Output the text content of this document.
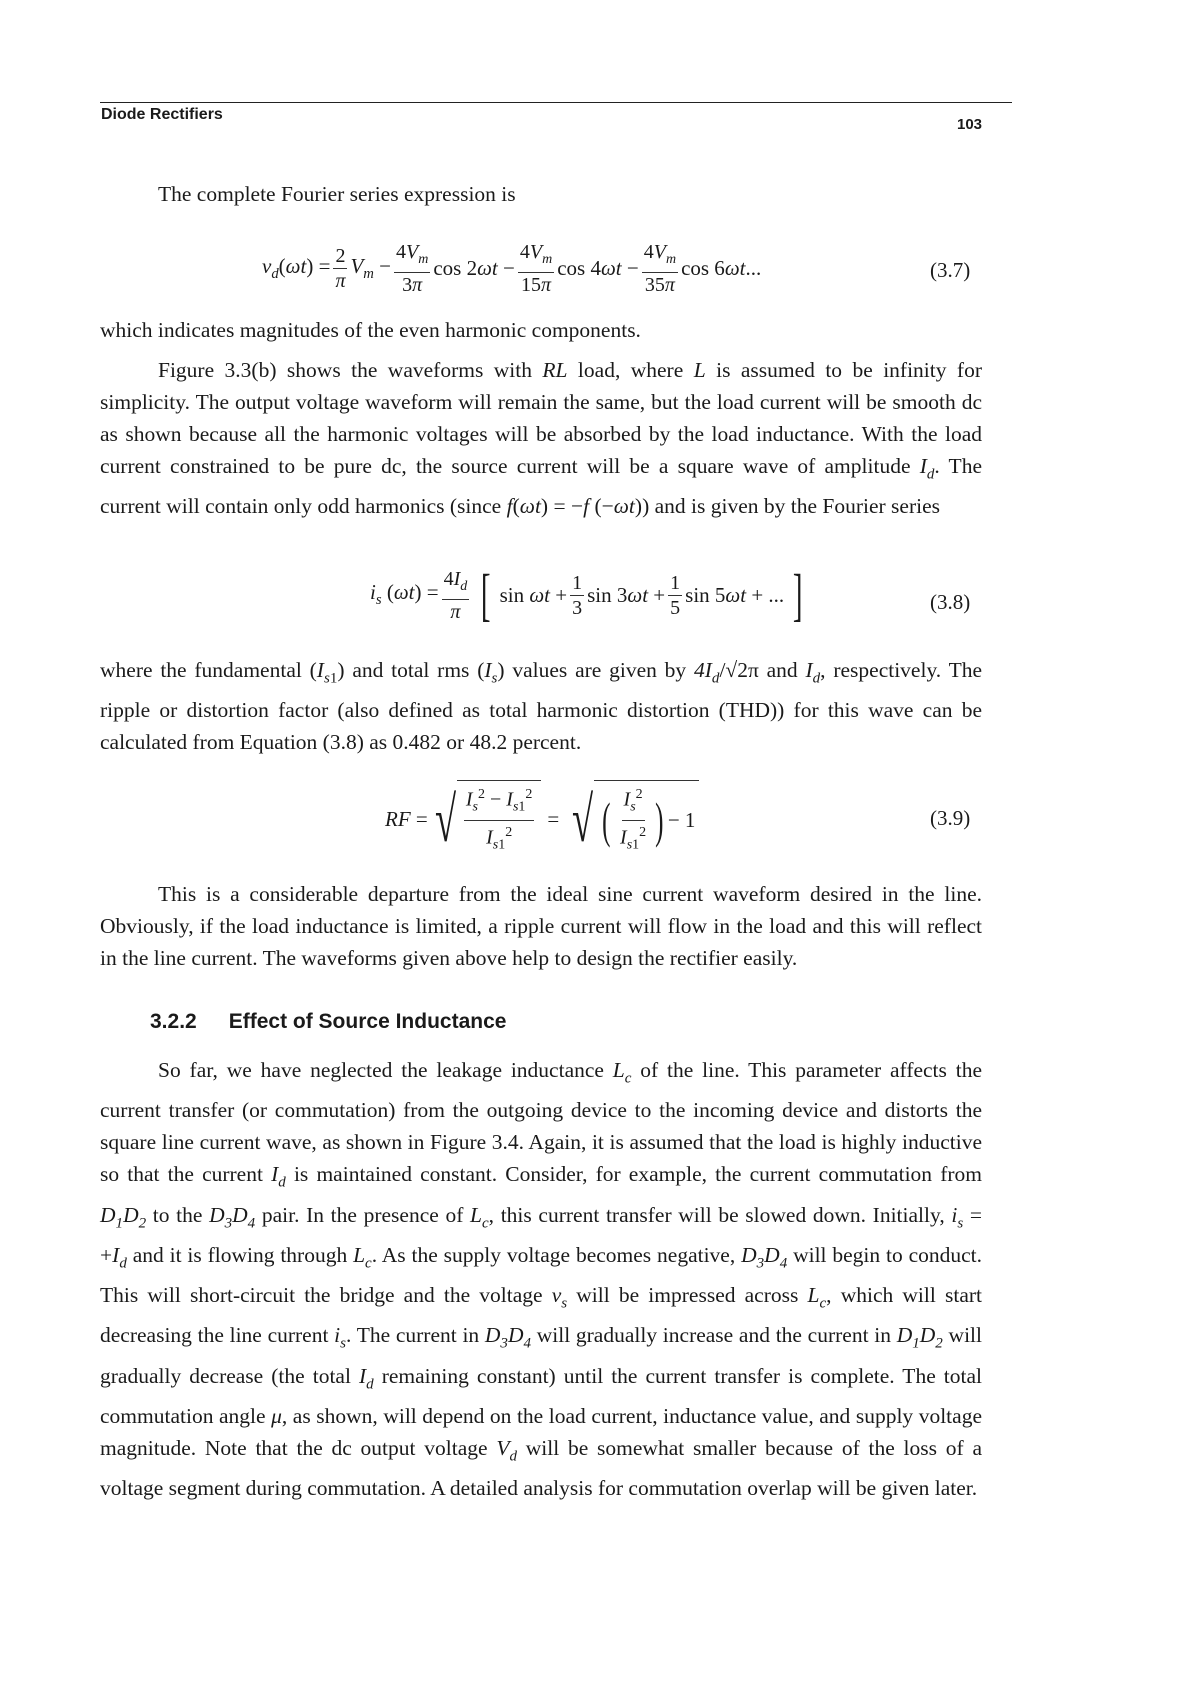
Diode Rectifiers
103
The complete Fourier series expression is
$v_d(\omega t) = \frac{2}{\pi} V_m - \frac{4V_m}{3\pi}$ $\cos 2\omega t - \frac{4V_m}{15\pi}$ $\cos 4\omega t - \frac{4V_m}{35\pi}$ cos 6ωt...	(3.7)
which indicates magnitudes of the even harmonic components.
Figure 3.3(b) shows the waveforms with RL load, where L is assumed to be infinity for simplicity. The output voltage waveform will remain the same, but the load current will be smooth dc as shown because all the harmonic voltages will be absorbed by the load inductance. With the load current constrained to be pure dc, the source current will be a square wave of amplitude $I_d$. The current will contain only odd harmonics (since f(ωt) = −f (−ωt)) and is given by the Fourier series
$i_s$ $(\omega t) = \frac{4I_d}{\pi}$ [ $\sin \omega t + \frac{1}{3}$ $\sin 3\omega t + \frac{1}{5}$ sin 5ωt + ... ]	(3.8)
where the fundamental $(I_{s1})$ and total rms $(I_s)$ values are given by $4I_d/√2\pi$ and $I_d$, respectively. The ripple or distortion factor (also defined as total harmonic distortion (THD)) for this wave can be calculated from Equation (3.8) as 0.482 or 48.2 percent.
RF = √ $\frac{I_s^2 - I_{s1}^2}{I_{s1}^2}$ = √ ( $\frac{I_s^2}{I_{s1}^2}$ ) − 1	(3.9)
This is a considerable departure from the ideal sine current waveform desired in the line. Obviously, if the load inductance is limited, a ripple current will flow in the load and this will reflect in the line current. The waveforms given above help to design the rectifier easily.
3.2.2 Effect of Source Inductance
So far, we have neglected the leakage inductance $L_c$ of the line. This parameter affects the current transfer (or commutation) from the outgoing device to the incoming device and distorts the square line current wave, as shown in Figure 3.4. Again, it is assumed that the load is highly inductive so that the current $I_d$ is maintained constant. Consider, for example, the current commutation from $D_1D_2$ to the $D_3D_4$ pair. In the presence of $L_c$, this current transfer will be slowed down. Initially, $i_s = +I_d$ and it is flowing through $L_c$. As the supply voltage becomes negative, $D_3D_4$ will begin to conduct. This will short-circuit the bridge and the voltage $v_s$ will be impressed across $L_c$, which will start decreasing the line current $i_s$. The current in $D_3D_4$ will gradually increase and the current in $D_1D_2$ will gradually decrease (the total $I_d$ remaining constant) until the current transfer is complete. The total commutation angle μ, as shown, will depend on the load current, inductance value, and supply voltage magnitude. Note that the dc output voltage $V_d$ will be somewhat smaller because of the loss of a voltage segment during commutation. A detailed analysis for commutation overlap will be given later.
